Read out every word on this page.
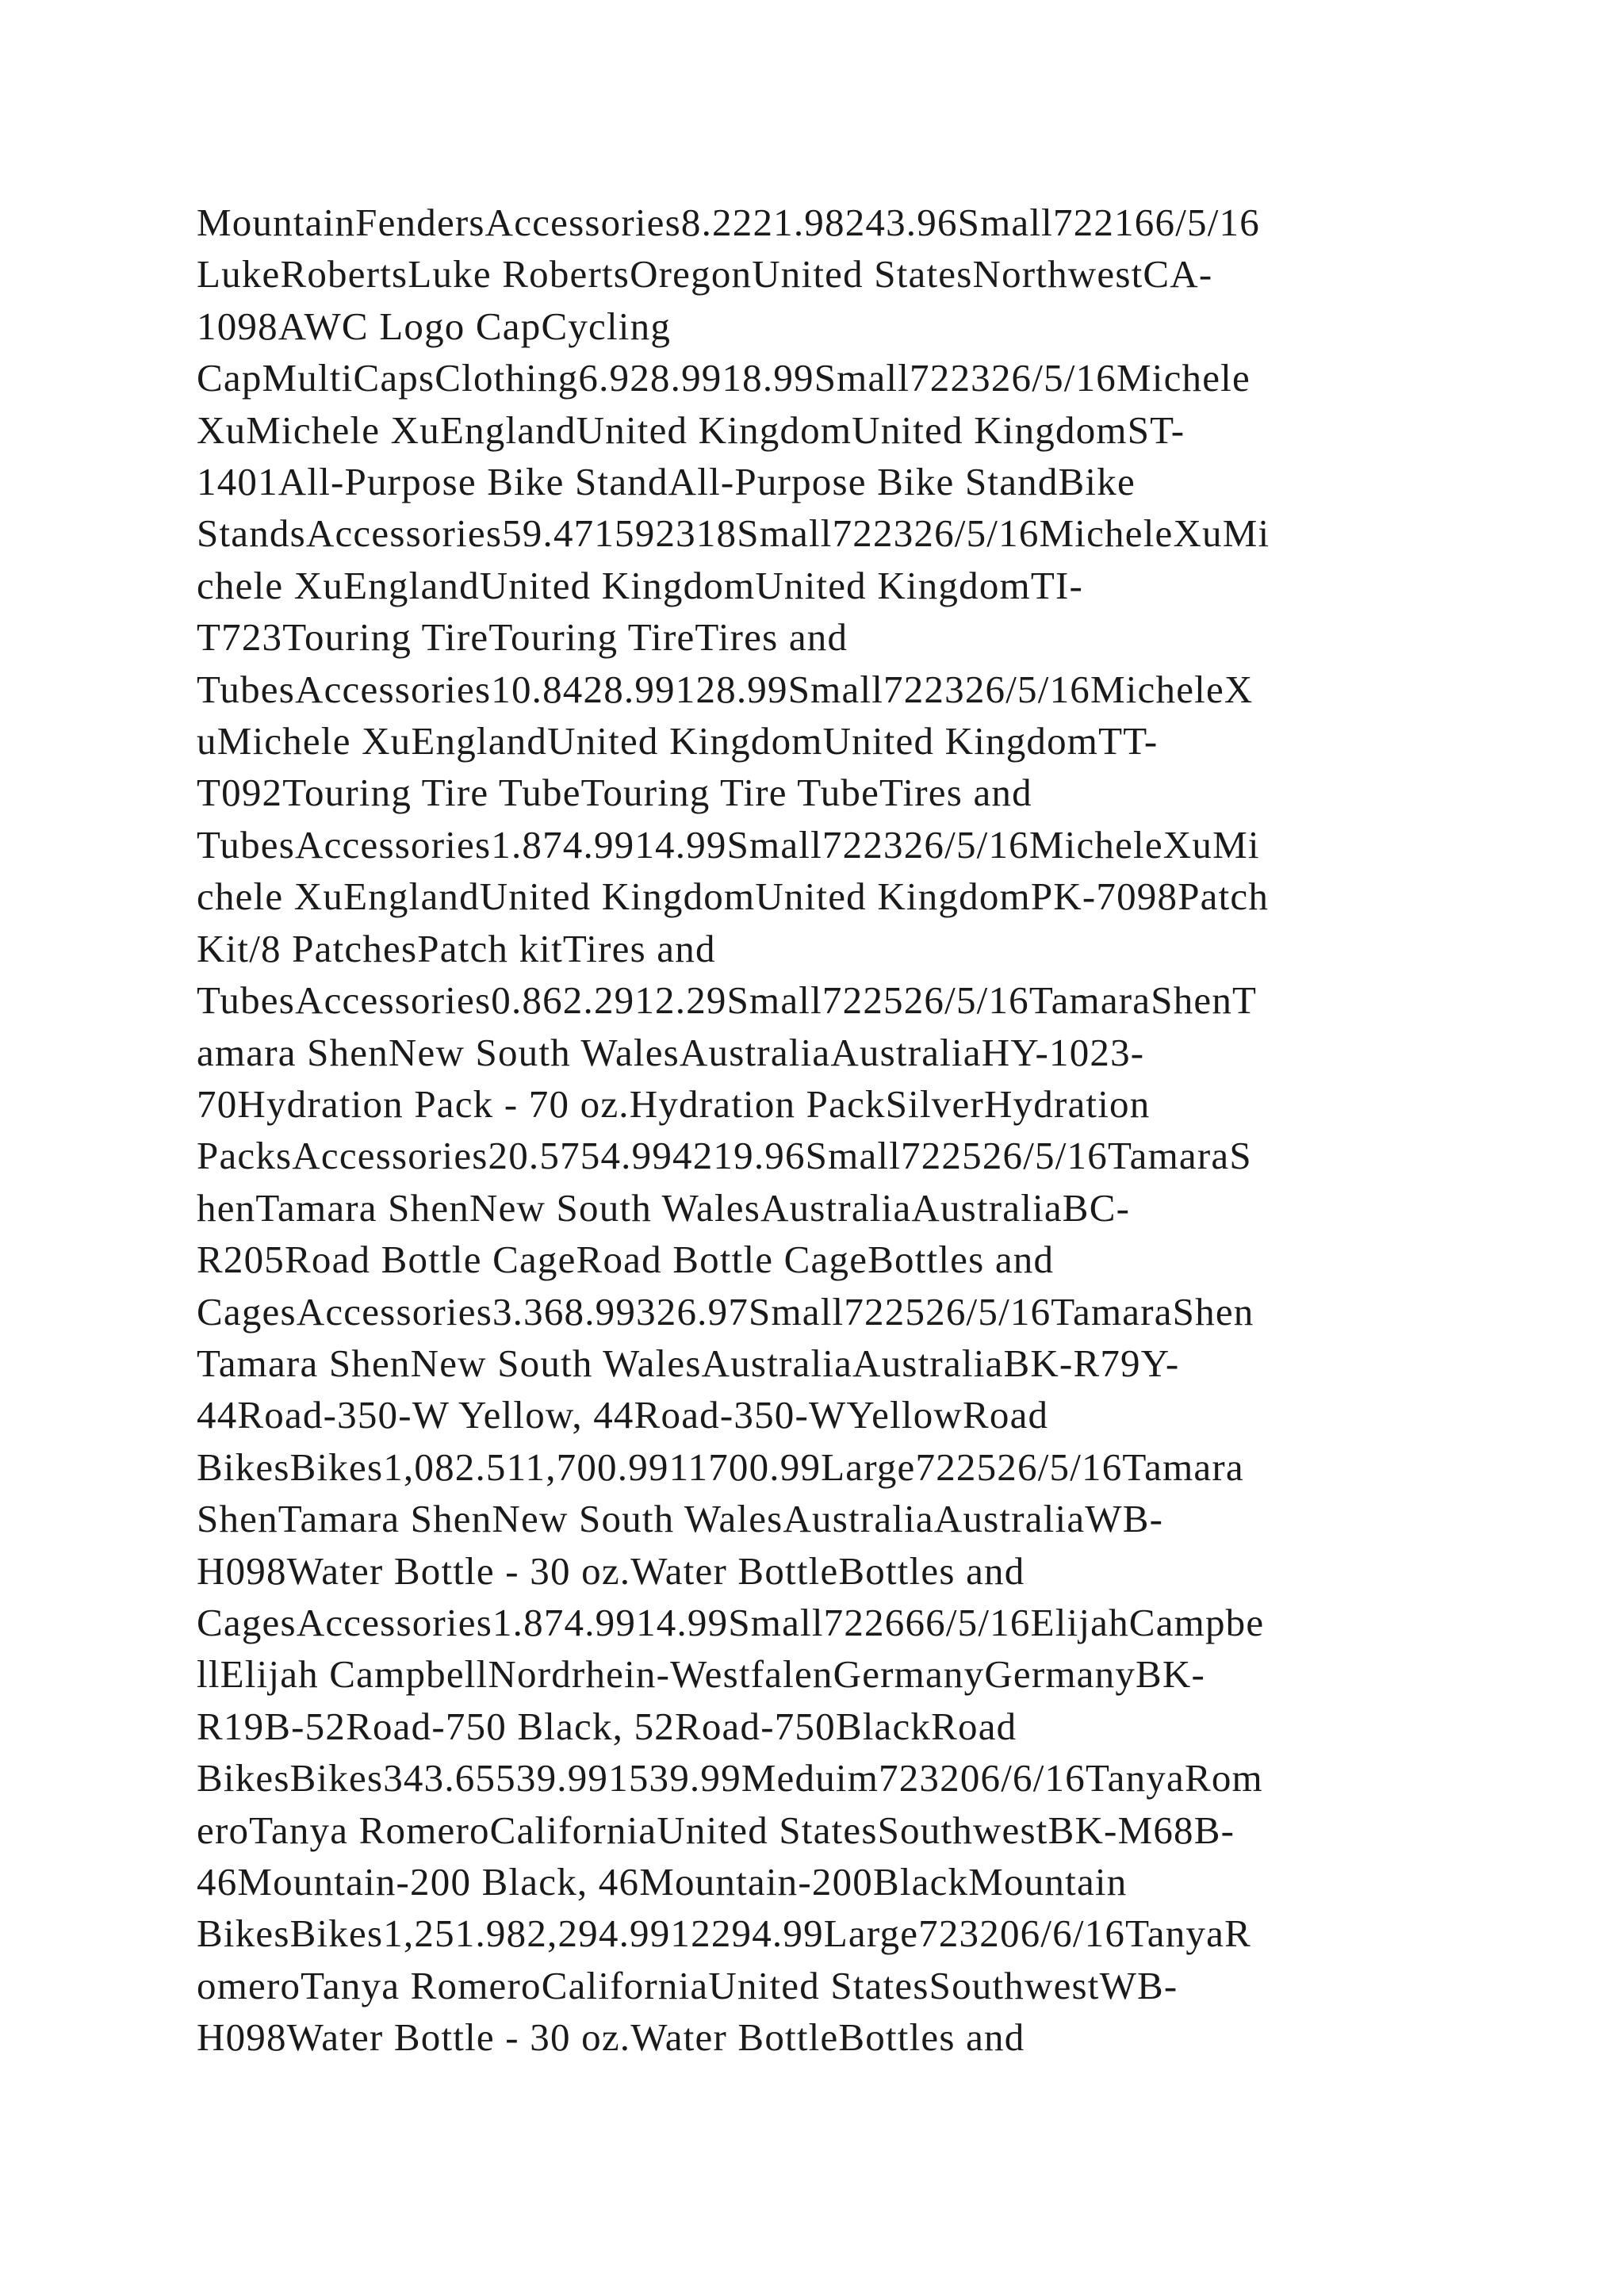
MountainFendersAccessories8.2221.98243.96Small722166/5/16
LukeRobertsLuke RobertsOregonUnited StatesNorthwestCA-
1098AWC Logo CapCycling
CapMultiCapsClothing6.928.9918.99Small722326/5/16Michele
XuMichele XuEnglandUnited KingdomUnited KingdomST-
1401All-Purpose Bike StandAll-Purpose Bike StandBike
StandsAccessories59.471592318Small722326/5/16MicheleXuMi
chele XuEnglandUnited KingdomUnited KingdomTI-
T723Touring TireTouring TireTires and
TubesAccessories10.8428.99128.99Small722326/5/16MicheleX
uMichele XuEnglandUnited KingdomUnited KingdomTT-
T092Touring Tire TubeTouring Tire TubeTires and
TubesAccessories1.874.9914.99Small722326/5/16MicheleXuMi
chele XuEnglandUnited KingdomUnited KingdomPK-7098Patch
Kit/8 PatchesPatch kitTires and
TubesAccessories0.862.2912.29Small722526/5/16TamaraShenT
amara ShenNew South WalesAustraliaAustraliaHY-1023-
70Hydration Pack - 70 oz.Hydration PackSilverHydration
PacksAccessories20.5754.994219.96Small722526/5/16TamaraS
henTamara ShenNew South WalesAustraliaAustraliaBC-
R205Road Bottle CageRoad Bottle CageBottles and
CagesAccessories3.368.99326.97Small722526/5/16TamaraShen
Tamara ShenNew South WalesAustraliaAustraliaBK-R79Y-
44Road-350-W Yellow, 44Road-350-WYellowRoad
BikesBikes1,082.511,700.9911700.99Large722526/5/16Tamara
ShenTamara ShenNew South WalesAustraliaAustraliaWB-
H098Water Bottle - 30 oz.Water BottleBottles and
CagesAccessories1.874.9914.99Small722666/5/16ElijahCampbe
llElijah CampbellNordrhein-WestfalenGermanyGermanyBK-
R19B-52Road-750 Black, 52Road-750BlackRoad
BikesBikes343.65539.991539.99Meduim723206/6/16TanyaRom
eroTanya RomeroCaliforniaUnited StatesSouthwestBK-M68B-
46Mountain-200 Black, 46Mountain-200BlackMountain
BikesBikes1,251.982,294.9912294.99Large723206/6/16TanyaR
omeroTanya RomeroCaliforniaUnited StatesSouthwestWB-
H098Water Bottle - 30 oz.Water BottleBottles and
